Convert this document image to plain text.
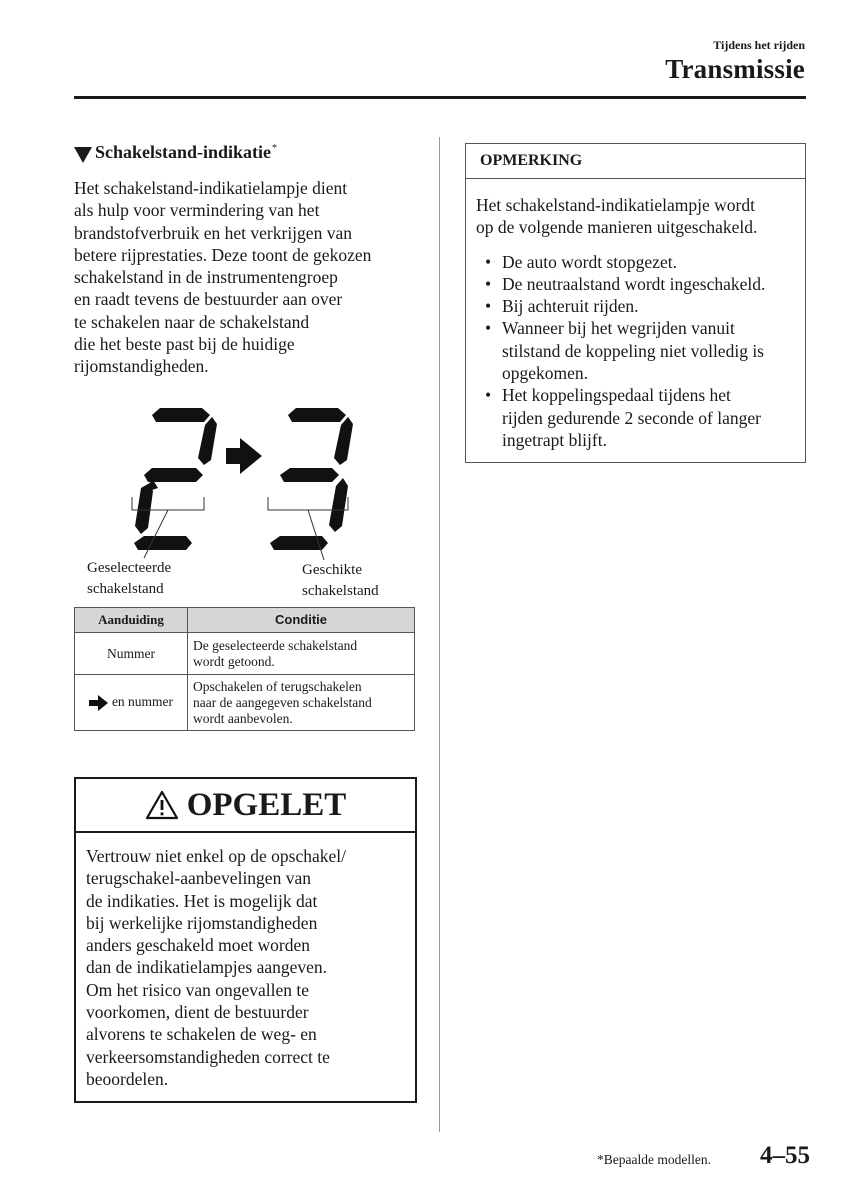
Tijdens het rijden
Transmissie
Schakelstand-indikatie*
Het schakelstand-indikatielampje dient
als hulp voor vermindering van het
brandstofverbruik en het verkrijgen van
betere rijprestaties. Deze toont de gekozen
schakelstand in de instrumentengroep
en raadt tevens de bestuurder aan over
te schakelen naar de schakelstand
die het beste past bij de huidige
rijomstandigheden.
Geselecteerde
schakelstand
Geschikte
schakelstand
Aanduiding	Conditie
Nummer	De geselecteerde schakelstand
wordt getoond.

en nummer	Opschakelen of terugschakelen
naar de aangegeven schakelstand
wordt aanbevolen.
OPGELET
Vertrouw niet enkel op de opschakel/
terugschakel-aanbevelingen van
de indikaties. Het is mogelijk dat
bij werkelijke rijomstandigheden
anders geschakeld moet worden
dan de indikatielampjes aangeven.
Om het risico van ongevallen te
voorkomen, dient de bestuurder
alvorens te schakelen de weg- en
verkeersomstandigheden correct te
beoordelen.
OPMERKING
Het schakelstand-indikatielampje wordt
op de volgende manieren uitgeschakeld.
• De auto wordt stopgezet.
• De neutraalstand wordt ingeschakeld.
• Bij achteruit rijden.
• Wanneer bij het wegrijden vanuit
stilstand de koppeling niet volledig is
opgekomen.
• Het koppelingspedaal tijdens het
rijden gedurende 2 seconde of langer
ingetrapt blijft.
*Bepaalde modellen. 4–55
